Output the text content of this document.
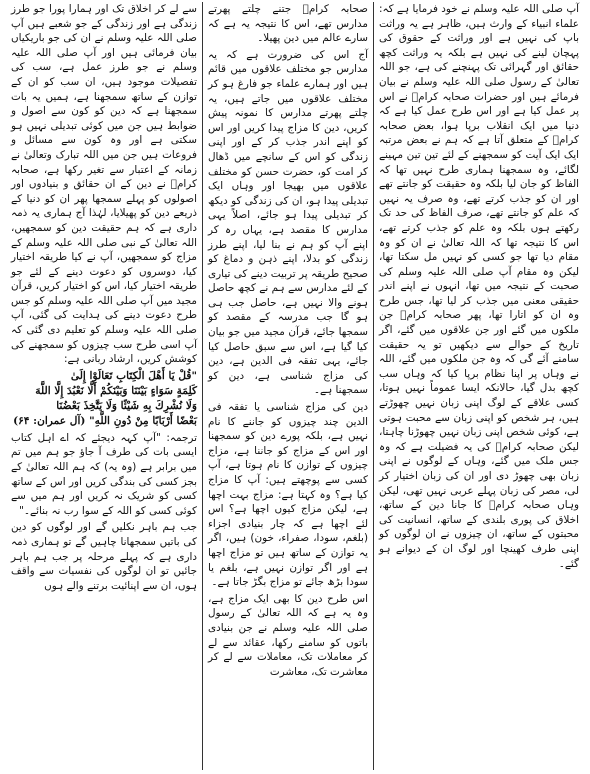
آپ صلی اللہ علیہ وسلم نے خود فرمایا ہے کہ: علماء انبیاء کے وارث ہیں، ظاہر ہے یہ وراثت باپ کی نہیں ہے اور وراثت کے حقوق کی پہچان لینے کی نہیں ہے بلکہ یہ وراثت کچھ حقائق اور گہرائی تک پہنچنے کی ہے، جو اللہ تعالیٰ کے رسول صلی اللہ علیہ وسلم نے بیان فرمائے ہیں اور حضرات صحابہ کرامؓ نے اس پر عمل کیا ہے اور اس طرح عمل کیا ہے کہ دنیا میں ایک انقلاب برپا ہوا، بعض صحابہ کرامؓ کے متعلق آتا ہے کہ ہم نے بعض مرتبہ ایک ایک آیت کو سمجھنے کے لئے تین تین مہینے لگائے، وہ سمجھنا ہماری طرح نہیں تھا کہ الفاظ کو جان لیا بلکہ وہ حقیقت کو جانتے تھے اور ان کو جذب کرتے تھے، وہ صرف یہ نہیں کہ علم کو جانتے تھے، صرف الفاظ کی حد تک رکھتے ہوں بلکہ وہ علم کو جذب کرتے تھے، اس کا نتیجہ تھا کہ اللہ تعالیٰ نے ان کو وہ مقام دیا تھا جو کسی کو نہیں مل سکتا تھا، لیکن وہ مقام آپ صلی اللہ علیہ وسلم کی صحبت کے نتیجہ میں تھا، انہوں نے اپنے اندر حقیقی معنی میں جذب کر لیا تھا، جس طرح وہ ان کو اتارا تھا، پھر صحابہ کرامؓ جن ملکوں میں گئے اور جن علاقوں میں گئے، اگر تاریخ کے حوالے سے دیکھیں تو یہ حقیقت سامنے آئے گی کہ وہ جن ملکوں میں گئے، اللہ نے وہاں پر اپنا نظام برپا کیا کہ وہاں سب کچھ بدل گیا، حالانکہ ایسا عموماً نہیں ہوتا، کسی علاقے کے لوگ اپنی زبان نہیں چھوڑتے ہیں، ہر شخص کو اپنی زبان سے محبت ہوتی ہے، کوئی شخص اپنی زبان نہیں چھوڑنا چاہتا، لیکن صحابہ کرامؓ کی یہ فضیلت ہے کہ وہ جس ملک میں گئے، وہاں کے لوگوں نے اپنی زبان بھی چھوڑ دی اور ان کی زبان اختیار کر لی، مصر کی زبان پہلے عربی نہیں تھی، لیکن وہاں صحابہ کرامؓ کا جانا دین کے ساتھ، اخلاق کی پوری بلندی کے ساتھ، انسانیت کی محبتوں کے ساتھ، ان چیزوں نے ان لوگوں کو اپنی طرف کھینچا اور لوگ ان کے دیوانے ہو گئے۔

صحابہ کرامؓ جتنے چلتے پھرتے مدارس تھے، اس کا نتیجہ یہ ہے کہ سارے عالم میں دین پھیلا۔

آج اس کی ضرورت ہے کہ یہ مدارس جو مختلف علاقوں میں قائم ہیں اور ہمارے علماء جو فارغ ہو کر مختلف علاقوں میں جاتے ہیں، یہ چلتے پھرتے مدارس کا نمونہ پیش کریں، دین کا مزاج پیدا کریں اور اس کو اپنے اندر جذب کر کے اور اپنی زندگی کو اس کے سانچے میں ڈھال کر امت کو، حضرت حسن کو مختلف علاقوں میں بھیجا اور وہاں ایک تبدیلی پیدا ہو، ان کی زندگی کو دیکھ کر تبدیلی پیدا ہو جائے، اصلاً یہی مدارس کا مقصد ہے، یہاں رہ کر اپنے آپ کو ہم نے بنا لیا، اپنے طرز زندگی کو بدلا، اپنے ذہن و دماغ کو صحیح طریقہ پر تربیت دینے کی تیاری کے لئے مدارس سے ہم نے کچھ حاصل ہونے والا نہیں ہے، حاصل جب ہی ہو گا جب مدرسہ کے مقصد کو سمجھا جائے، قرآن مجید میں جو بیان کیا گیا ہے، اس سے سبق حاصل کیا جائے، یہی تفقہ فی الدین ہے، دین کی مزاج شناسی ہے، دین کو سمجھنا ہے۔

دین کی مزاج شناسی یا تفقہ فی الدین چند چیزوں کو جاننے کا نام نہیں ہے، بلکہ پورے دین کو سمجھنا اور اس کے مزاج کو جاننا ہے، مزاج چیزوں کے توازن کا نام ہوتا ہے، آپ کسی سے پوچھتے ہیں: آپ کا مزاج کیا ہے؟ وہ کہتا ہے: مزاج بہت اچھا ہے، لیکن مزاج کیوں اچھا ہے؟ اس لئے اچھا ہے کہ چار بنیادی اجزاء (بلغم، سودا، صفراء، خون) ہیں، اگر یہ توازن کے ساتھ ہیں تو مزاج اچھا ہے اور اگر توازن نہیں ہے، بلغم یا سودا بڑھ جائے تو مزاج بگڑ جاتا ہے۔

اس طرح دین کا بھی ایک مزاج ہے، وہ یہ ہے کہ اللہ تعالیٰ کے رسول صلی اللہ علیہ وسلم نے جن بنیادی باتوں کو سامنے رکھا، عقائد سے لے کر معاملات تک، معاملات سے لے کر معاشرت تک، معاشرت

سے لے کر اخلاق تک اور ہمارا پورا جو طرز زندگی ہے اور زندگی کے جو شعبے ہیں آپ صلی اللہ علیہ وسلم نے ان کی جو باریکیاں بیان فرمائی ہیں اور آپ صلی اللہ علیہ وسلم نے جو طرز عمل ہے، سب کی تفصیلات موجود ہیں، ان سب کو ان کے توازن کے ساتھ سمجھنا ہے، ہمیں یہ بات سمجھنا ہے کہ دین کو کون سے اصول و ضوابط ہیں جن میں کوئی تبدیلی نہیں ہو سکتی ہے اور وہ کون سے مسائل و فروعات ہیں جن میں اللہ تبارک وتعالیٰ نے زمانہ کے اعتبار سے تغیر رکھا ہے، صحابہ کرامؓ نے دین کے ان حقائق و بنیادوں اور اصولوں کو پہلے سمجھا پھر ان کو دنیا کے ذریعے دین کو پھیلایا، لہٰذا آج ہماری یہ ذمہ داری ہے کہ ہم حقیقت دین کو سمجھیں، اللہ تعالیٰ کے نبی صلی اللہ علیہ وسلم کے مزاج کو سمجھیں، آپ نے کیا طریقہ اختیار کیا، دوسروں کو دعوت دینے کے لئے جو طریقہ اختیار کیا، اس کو اختیار کریں، قرآن مجید میں آپ صلی اللہ علیہ وسلم کو جس طرح دعوت دینے کی ہدایت کی گئی، آپ صلی اللہ علیہ وسلم کو تعلیم دی گئی کہ آپ اسی طرح سب چیزوں کو سمجھنے کی کوشش کریں، ارشاد ربانی ہے:

"قُلْ يَا أَهْلَ الْكِتَابِ تَعَالَوْا إِلَىٰ
كَلِمَةٍ سَوَاءٍ بَيْنَنَا وَبَيْنَكُمْ أَلَّا نَعْبُدَ إِلَّا اللَّهَ
وَلَا نُشْرِكَ بِهِ شَيْئًا وَلَا يَتَّخِذَ بَعْضُنَا
بَعْضًا أَرْبَابًا مِنْ دُونِ اللَّهِ" (آل عمران: ۶۴)

ترجمہ: "آپ کہہ دیجئے کہ اے اہل کتاب ایسی بات کی طرف آ جاؤ جو ہم میں تم میں برابر ہے (وہ یہ) کہ ہم اللہ تعالیٰ کے بجز کسی کی بندگی کریں اور اس کے ساتھ کسی کو شریک نہ کریں اور ہم میں سے کوئی کسی کو اللہ کے سوا رب نہ بنائے۔"

جب ہم باہر نکلیں گے اور لوگوں کو دین کی باتیں سمجھانا چاہیں گے تو ہماری ذمہ داری ہے کہ پہلے مرحلہ پر جب ہم باہر جائیں تو ان لوگوں کی نفسیات سے واقف ہوں، ان سے اپنائیت برتنے والے ہوں
